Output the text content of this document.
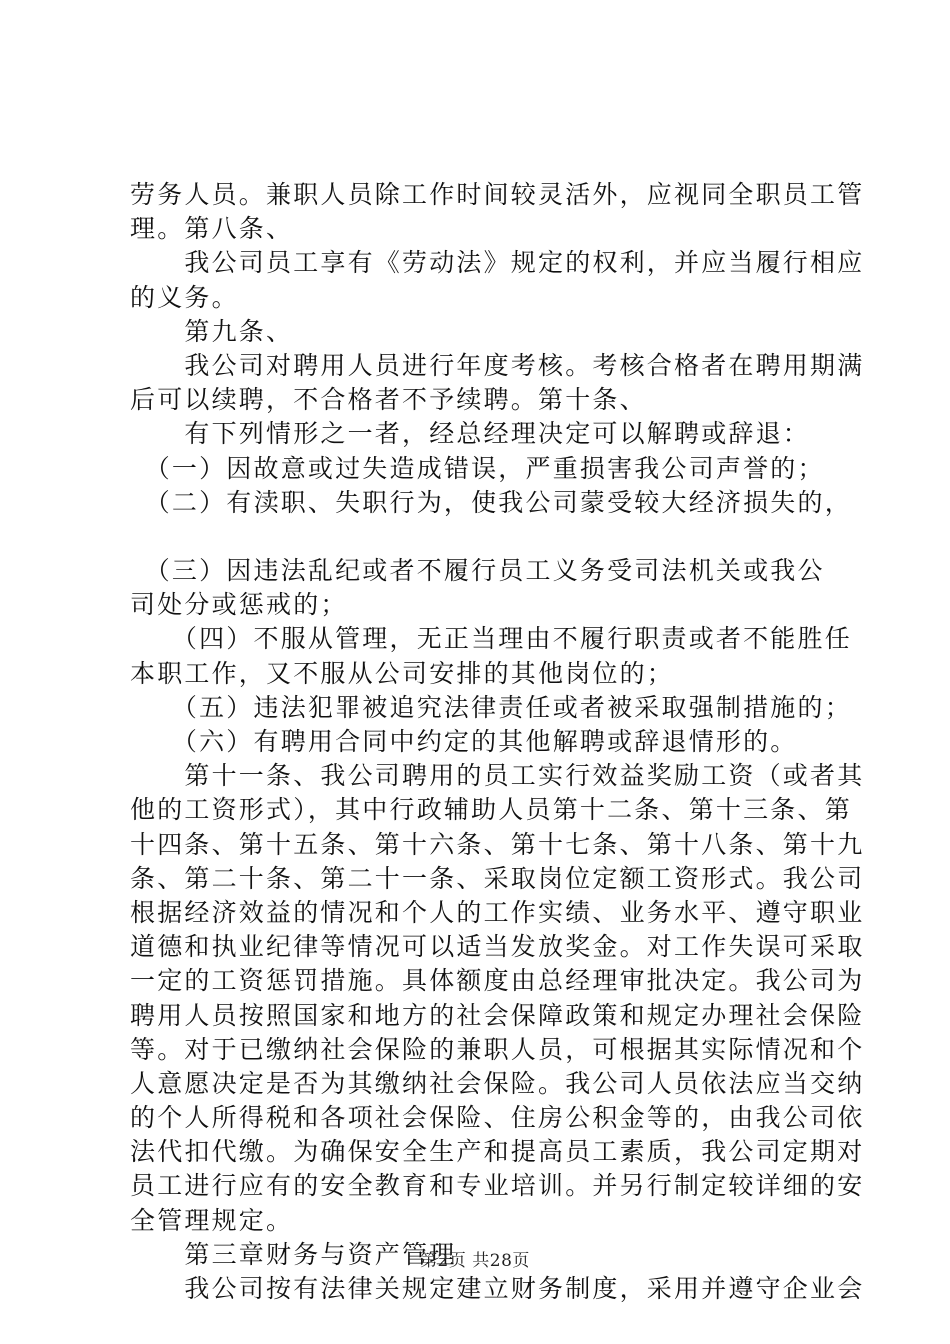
劳务人员。兼职人员除工作时间较灵活外，应视同全职员工管
理。第八条、
　　我公司员工享有《劳动法》规定的权利，并应当履行相应
的义务。
　　第九条、
　　我公司对聘用人员进行年度考核。考核合格者在聘用期满
后可以续聘，不合格者不予续聘。第十条、
　　有下列情形之一者，经总经理决定可以解聘或辞退：
　（一）因故意或过失造成错误，严重损害我公司声誉的；
　（二）有渎职、失职行为，使我公司蒙受较大经济损失的，
　（三）因违法乱纪或者不履行员工义务受司法机关或我公
司处分或惩戒的；
　　（四）不服从管理，无正当理由不履行职责或者不能胜任
本职工作，又不服从公司安排的其他岗位的；
　　（五）违法犯罪被追究法律责任或者被采取强制措施的；
　　（六）有聘用合同中约定的其他解聘或辞退情形的。
　　第十一条、我公司聘用的员工实行效益奖励工资（或者其
他的工资形式），其中行政辅助人员第十二条、第十三条、第
十四条、第十五条、第十六条、第十七条、第十八条、第十九
条、第二十条、第二十一条、采取岗位定额工资形式。我公司
根据经济效益的情况和个人的工作实绩、业务水平、遵守职业
道德和执业纪律等情况可以适当发放奖金。对工作失误可采取
一定的工资惩罚措施。具体额度由总经理审批决定。我公司为
聘用人员按照国家和地方的社会保障政策和规定办理社会保险
等。对于已缴纳社会保险的兼职人员，可根据其实际情况和个
人意愿决定是否为其缴纳社会保险。我公司人员依法应当交纳
的个人所得税和各项社会保险、住房公积金等的，由我公司依
法代扣代缴。为确保安全生产和提高员工素质，我公司定期对
员工进行应有的安全教育和专业培训。并另行制定较详细的安
全管理规定。
　　第三章财务与资产管理
　　我公司按有法律关规定建立财务制度，采用并遵守企业会
第2页 共28页
